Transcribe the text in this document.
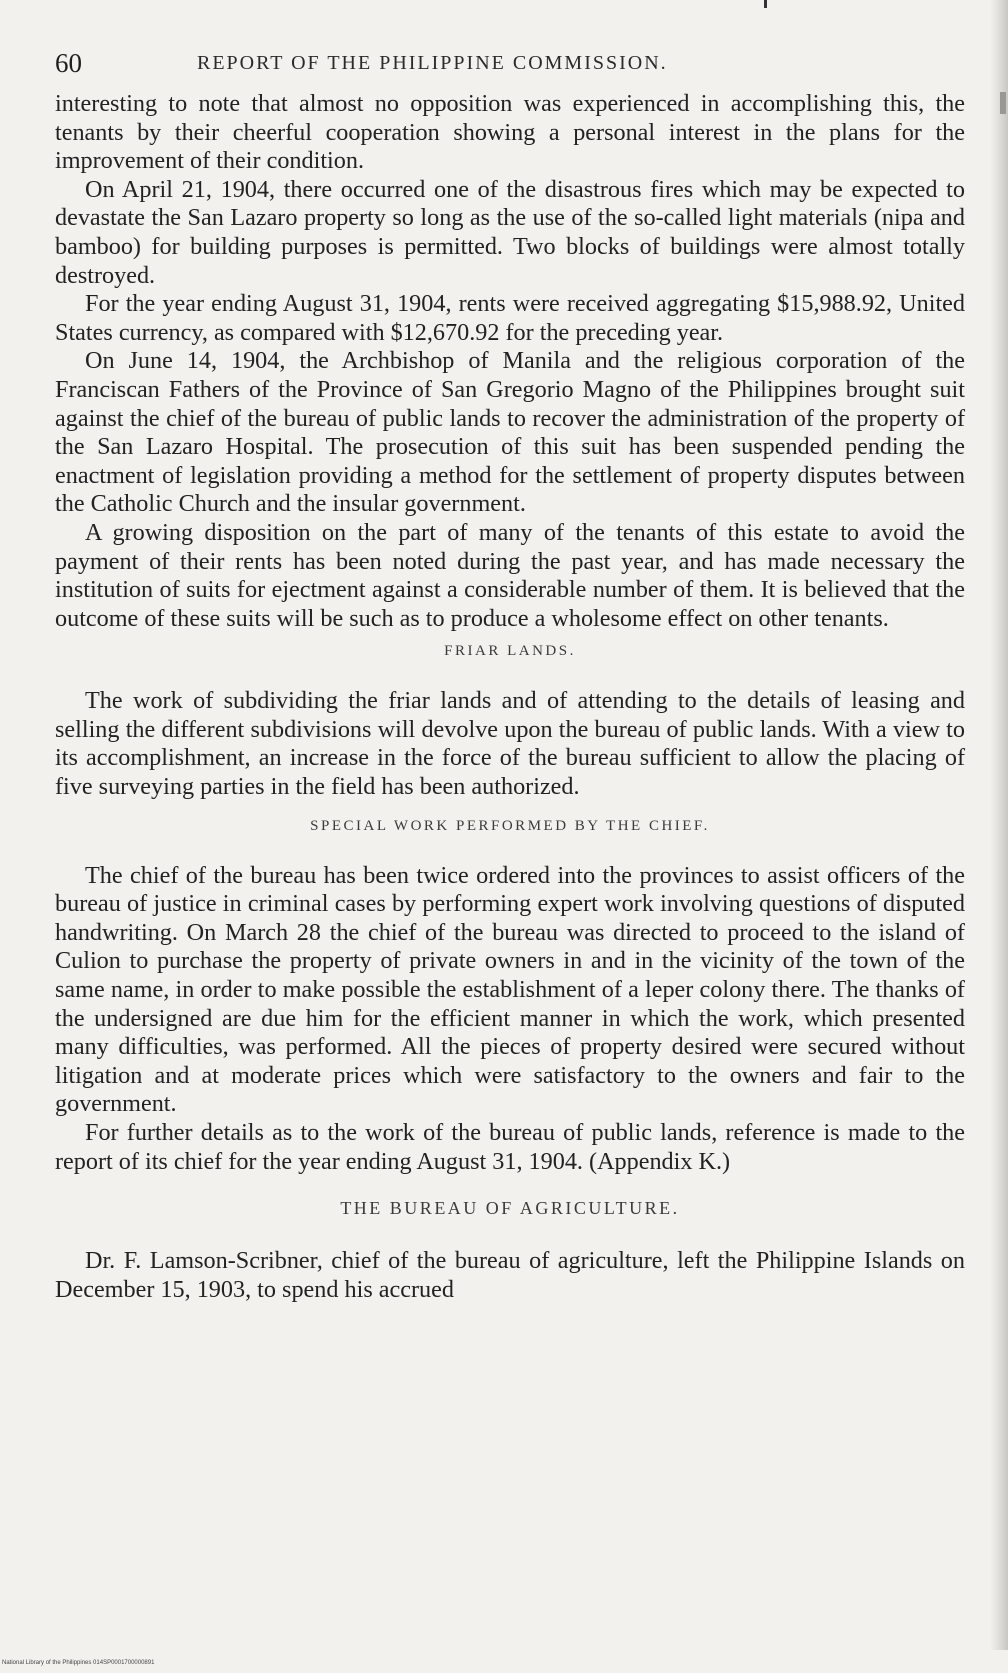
60	REPORT OF THE PHILIPPINE COMMISSION.

interesting to note that almost no opposition was experienced in accomplishing this, the tenants by their cheerful cooperation showing a personal interest in the plans for the improvement of their condition.

On April 21, 1904, there occurred one of the disastrous fires which may be expected to devastate the San Lazaro property so long as the use of the so-called light materials (nipa and bamboo) for building purposes is permitted. Two blocks of buildings were almost totally destroyed.

For the year ending August 31, 1904, rents were received aggregating $15,988.92, United States currency, as compared with $12,670.92 for the preceding year.

On June 14, 1904, the Archbishop of Manila and the religious corporation of the Franciscan Fathers of the Province of San Gregorio Magno of the Philippines brought suit against the chief of the bureau of public lands to recover the administration of the property of the San Lazaro Hospital. The prosecution of this suit has been suspended pending the enactment of legislation providing a method for the settlement of property disputes between the Catholic Church and the insular government.

A growing disposition on the part of many of the tenants of this estate to avoid the payment of their rents has been noted during the past year, and has made necessary the institution of suits for ejectment against a considerable number of them. It is believed that the outcome of these suits will be such as to produce a wholesome effect on other tenants.

FRIAR LANDS.

The work of subdividing the friar lands and of attending to the details of leasing and selling the different subdivisions will devolve upon the bureau of public lands. With a view to its accomplishment, an increase in the force of the bureau sufficient to allow the placing of five surveying parties in the field has been authorized.

SPECIAL WORK PERFORMED BY THE CHIEF.

The chief of the bureau has been twice ordered into the provinces to assist officers of the bureau of justice in criminal cases by performing expert work involving questions of disputed handwriting. On March 28 the chief of the bureau was directed to proceed to the island of Culion to purchase the property of private owners in and in the vicinity of the town of the same name, in order to make possible the establishment of a leper colony there. The thanks of the undersigned are due him for the efficient manner in which the work, which presented many difficulties, was performed. All the pieces of property desired were secured without litigation and at moderate prices which were satisfactory to the owners and fair to the government.

For further details as to the work of the bureau of public lands, reference is made to the report of its chief for the year ending August 31, 1904. (Appendix K.)

THE BUREAU OF AGRICULTURE.

Dr. F. Lamson-Scribner, chief of the bureau of agriculture, left the Philippine Islands on December 15, 1903, to spend his accrued

National Library of the Philippines 014SP0001700000891
